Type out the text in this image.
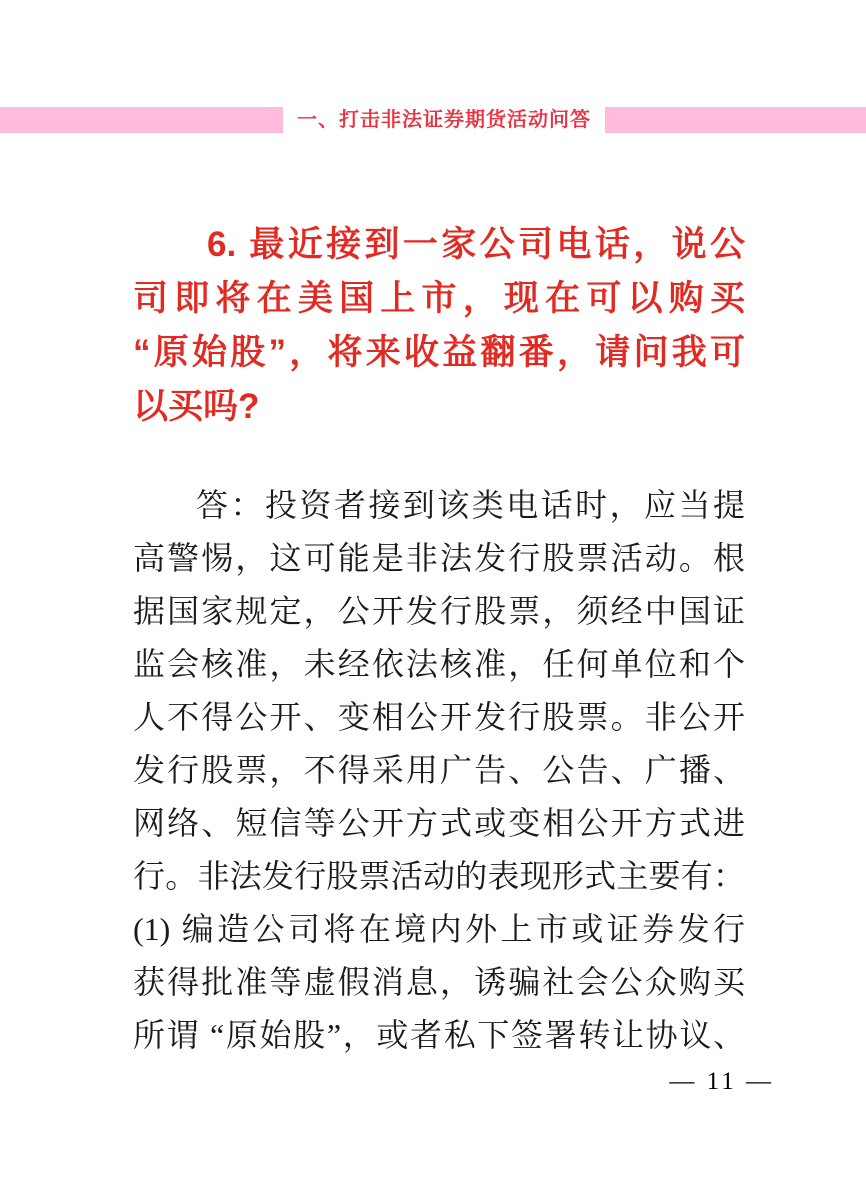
一、打击非法证券期货活动问答
6. 最近接到一家公司电话，说公
司即将在美国上市，现在可以购买
“原始股”，将来收益翻番，请问我可
以买吗?
答：投资者接到该类电话时，应当提
高警惕，这可能是非法发行股票活动。根
据国家规定，公开发行股票，须经中国证
监会核准，未经依法核准，任何单位和个
人不得公开、变相公开发行股票。非公开
发行股票，不得采用广告、公告、广播、
网络、短信等公开方式或变相公开方式进
行。非法发行股票活动的表现形式主要有：
(1) 编造公司将在境内外上市或证券发行
获得批准等虚假消息，诱骗社会公众购买
所谓 “原始股”，或者私下签署转让协议、
— 11 —
